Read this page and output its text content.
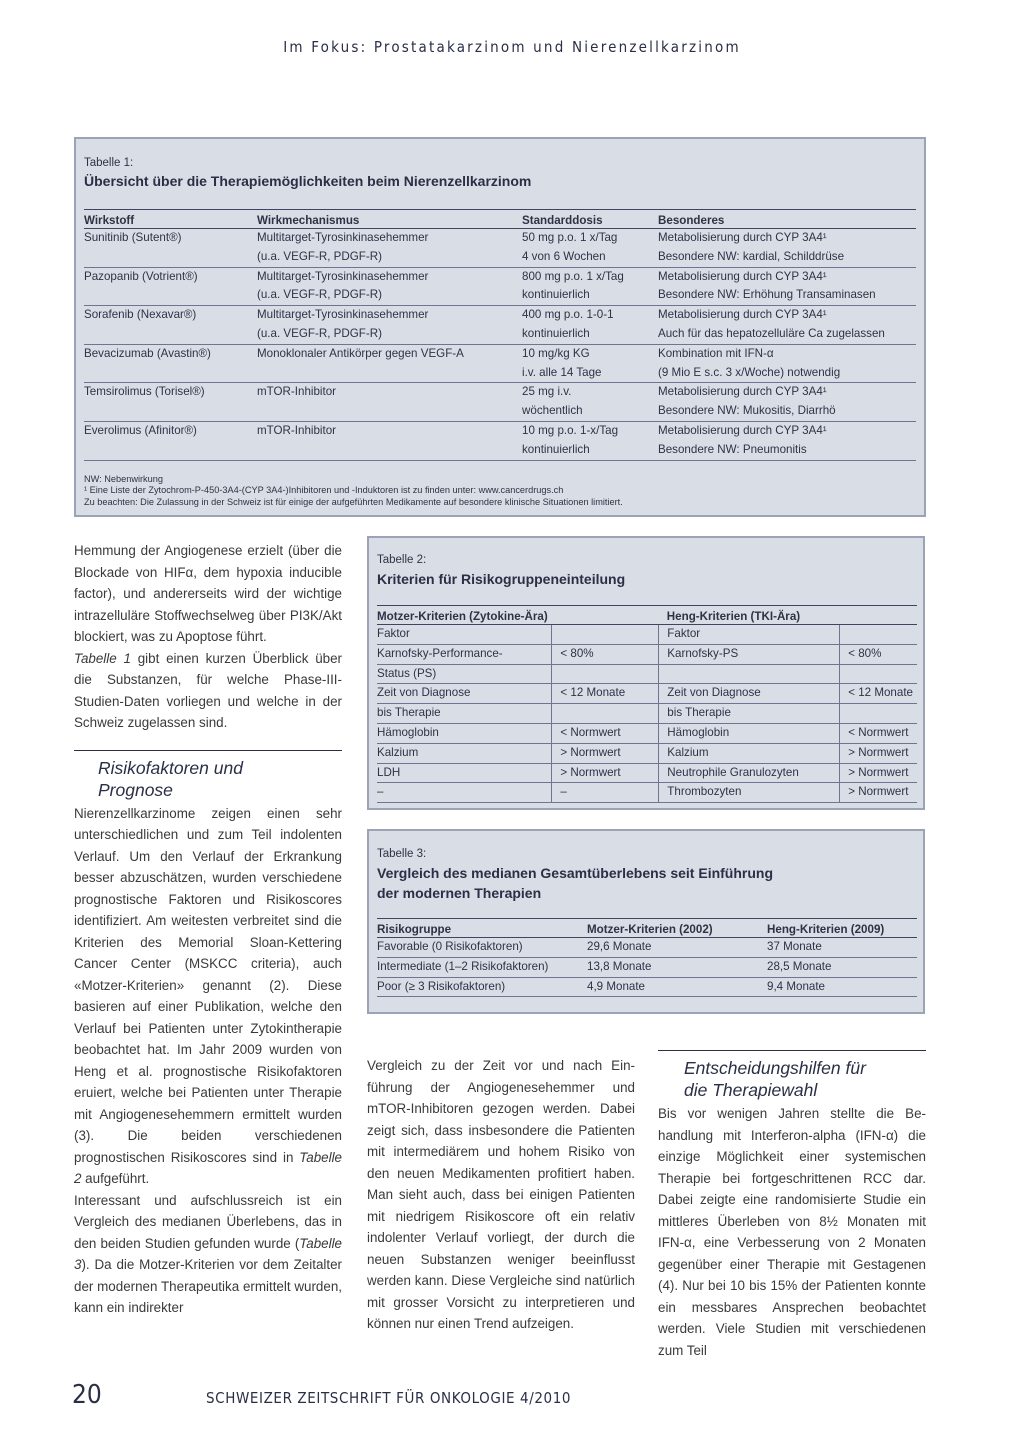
Im Fokus: Prostatakarzinom und Nierenzellkarzinom
Tabelle 1:
Übersicht über die Therapiemöglichkeiten beim Nierenzellkarzinom
Wirkstoff	Wirkmechanismus	Standarddosis	Besonderes
Sunitinib (Sutent®)	Multitarget-Tyrosinkinasehemmer	50 mg p.o. 1 x/Tag	Metabolisierung durch CYP 3A4¹
	(u.a. VEGF-R, PDGF-R)	4 von 6 Wochen	Besondere NW: kardial, Schilddrüse
Pazopanib (Votrient®)	Multitarget-Tyrosinkinasehemmer	800 mg p.o. 1 x/Tag	Metabolisierung durch CYP 3A4¹
	(u.a. VEGF-R, PDGF-R)	kontinuierlich	Besondere NW: Erhöhung Transaminasen
Sorafenib (Nexavar®)	Multitarget-Tyrosinkinasehemmer	400 mg p.o. 1-0-1	Metabolisierung durch CYP 3A4¹
	(u.a. VEGF-R, PDGF-R)	kontinuierlich	Auch für das hepatozelluläre Ca zugelassen
Bevacizumab (Avastin®)	Monoklonaler Antikörper gegen VEGF-A	10 mg/kg KG	Kombination mit IFN-α
		i.v. alle 14 Tage	(9 Mio E s.c. 3 x/Woche) notwendig
Temsirolimus (Torisel®)	mTOR-Inhibitor	25 mg i.v.	Metabolisierung durch CYP 3A4¹
		wöchentlich	Besondere NW: Mukositis, Diarrhö
Everolimus (Afinitor®)	mTOR-Inhibitor	10 mg p.o. 1-x/Tag	Metabolisierung durch CYP 3A4¹
		kontinuierlich	Besondere NW: Pneumonitis
NW: Nebenwirkung
¹ Eine Liste der Zytochrom-P-450-3A4-(CYP 3A4-)Inhibitoren und -Induktoren ist zu finden unter: www.cancerdrugs.ch
Zu beachten: Die Zulassung in der Schweiz ist für einige der aufgeführten Medikamente auf besondere klinische Situationen limitiert.
Tabelle 2:
Kriterien für Risikogruppeneinteilung
Motzer-Kriterien (Zytokine-Ära)		Heng-Kriterien (TKI-Ära)	
Faktor		Faktor	
Karnofsky-Performance-	< 80%	Karnofsky-PS	< 80%
Status (PS)			
Zeit von Diagnose	< 12 Monate	Zeit von Diagnose	< 12 Monate
bis Therapie		bis Therapie	
Hämoglobin	< Normwert	Hämoglobin	< Normwert
Kalzium	> Normwert	Kalzium	> Normwert
LDH	> Normwert	Neutrophile Granulozyten	> Normwert
–	–	Thrombozyten	> Normwert
Tabelle 3:
Vergleich des medianen Gesamtüberlebens seit Einführung
der modernen Therapien
Risikogruppe	Motzer-Kriterien (2002)	Heng-Kriterien (2009)
Favorable (0 Risikofaktoren)	29,6 Monate	37 Monate
Intermediate (1–2 Risikofaktoren)	13,8 Monate	28,5 Monate
Poor (≥ 3 Risikofaktoren)	4,9 Monate	9,4 Monate

Hemmung der Angiogenese erzielt (über die Blockade von HIFα, dem hypoxia inducible factor), und andererseits wird der wichtige intrazelluläre Stoffwechselweg über PI3K/Akt blockiert, was zu Apoptose führt.

Tabelle 1 gibt einen kurzen Überblick über die Substanzen, für welche Phase-III-Studien-Daten vorliegen und welche in der Schweiz zugelassen sind.

Risikofaktoren und
Prognose

Nierenzellkarzinome zeigen einen sehr unterschiedlichen und zum Teil indolenten Verlauf. Um den Verlauf der Erkrankung besser abzuschätzen, wurden verschiedene prognostische Faktoren und Risikoscores identifiziert. Am weitesten verbreitet sind die Kriterien des Memorial Sloan-Kettering Cancer Center (MSKCC criteria), auch «Motzer-Kriterien» genannt (2). Diese basieren auf einer Publikation, welche den Verlauf bei Patienten unter Zytokintherapie beobachtet hat. Im Jahr 2009 wurden von Heng et al. prognostische Risikofaktoren eruiert, welche bei Patienten unter Therapie mit Angiogenesehemmern ermittelt wurden (3). Die beiden verschiedenen prognostischen Risikoscores sind in Tabelle 2 aufgeführt.

Interessant und aufschlussreich ist ein Vergleich des medianen Überlebens, das in den beiden Studien gefunden wurde (Tabelle 3). Da die Motzer-Kriterien vor dem Zeitalter der modernen Therapeutika ermittelt wurden, kann ein indirekter

Vergleich zu der Zeit vor und nach Einführung der Angiogenesehemmer und mTOR-Inhibitoren gezogen werden. Dabei zeigt sich, dass insbesondere die Patienten mit intermediärem und hohem Risiko von den neuen Medikamenten profitiert haben. Man sieht auch, dass bei einigen Patienten mit niedrigem Risikoscore oft ein relativ indolenter Verlauf vorliegt, der durch die neuen Substanzen weniger beeinflusst werden kann. Diese Vergleiche sind natürlich mit grosser Vorsicht zu interpretieren und können nur einen Trend aufzeigen.

Entscheidungshilfen für
die Therapiewahl

Bis vor wenigen Jahren stellte die Behandlung mit Interferon-alpha (IFN-α) die einzige Möglichkeit einer systemischen Therapie bei fortgeschrittenen RCC dar. Dabei zeigte eine randomisierte Studie ein mittleres Überleben von 8½ Monaten mit IFN-α, eine Verbesserung von 2 Monaten gegenüber einer Therapie mit Gestagenen (4). Nur bei 10 bis 15% der Patienten konnte ein messbares Ansprechen beobachtet werden. Viele Studien mit verschiedenen zum Teil

20	SCHWEIZER ZEITSCHRIFT FÜR ONKOLOGIE 4/2010
